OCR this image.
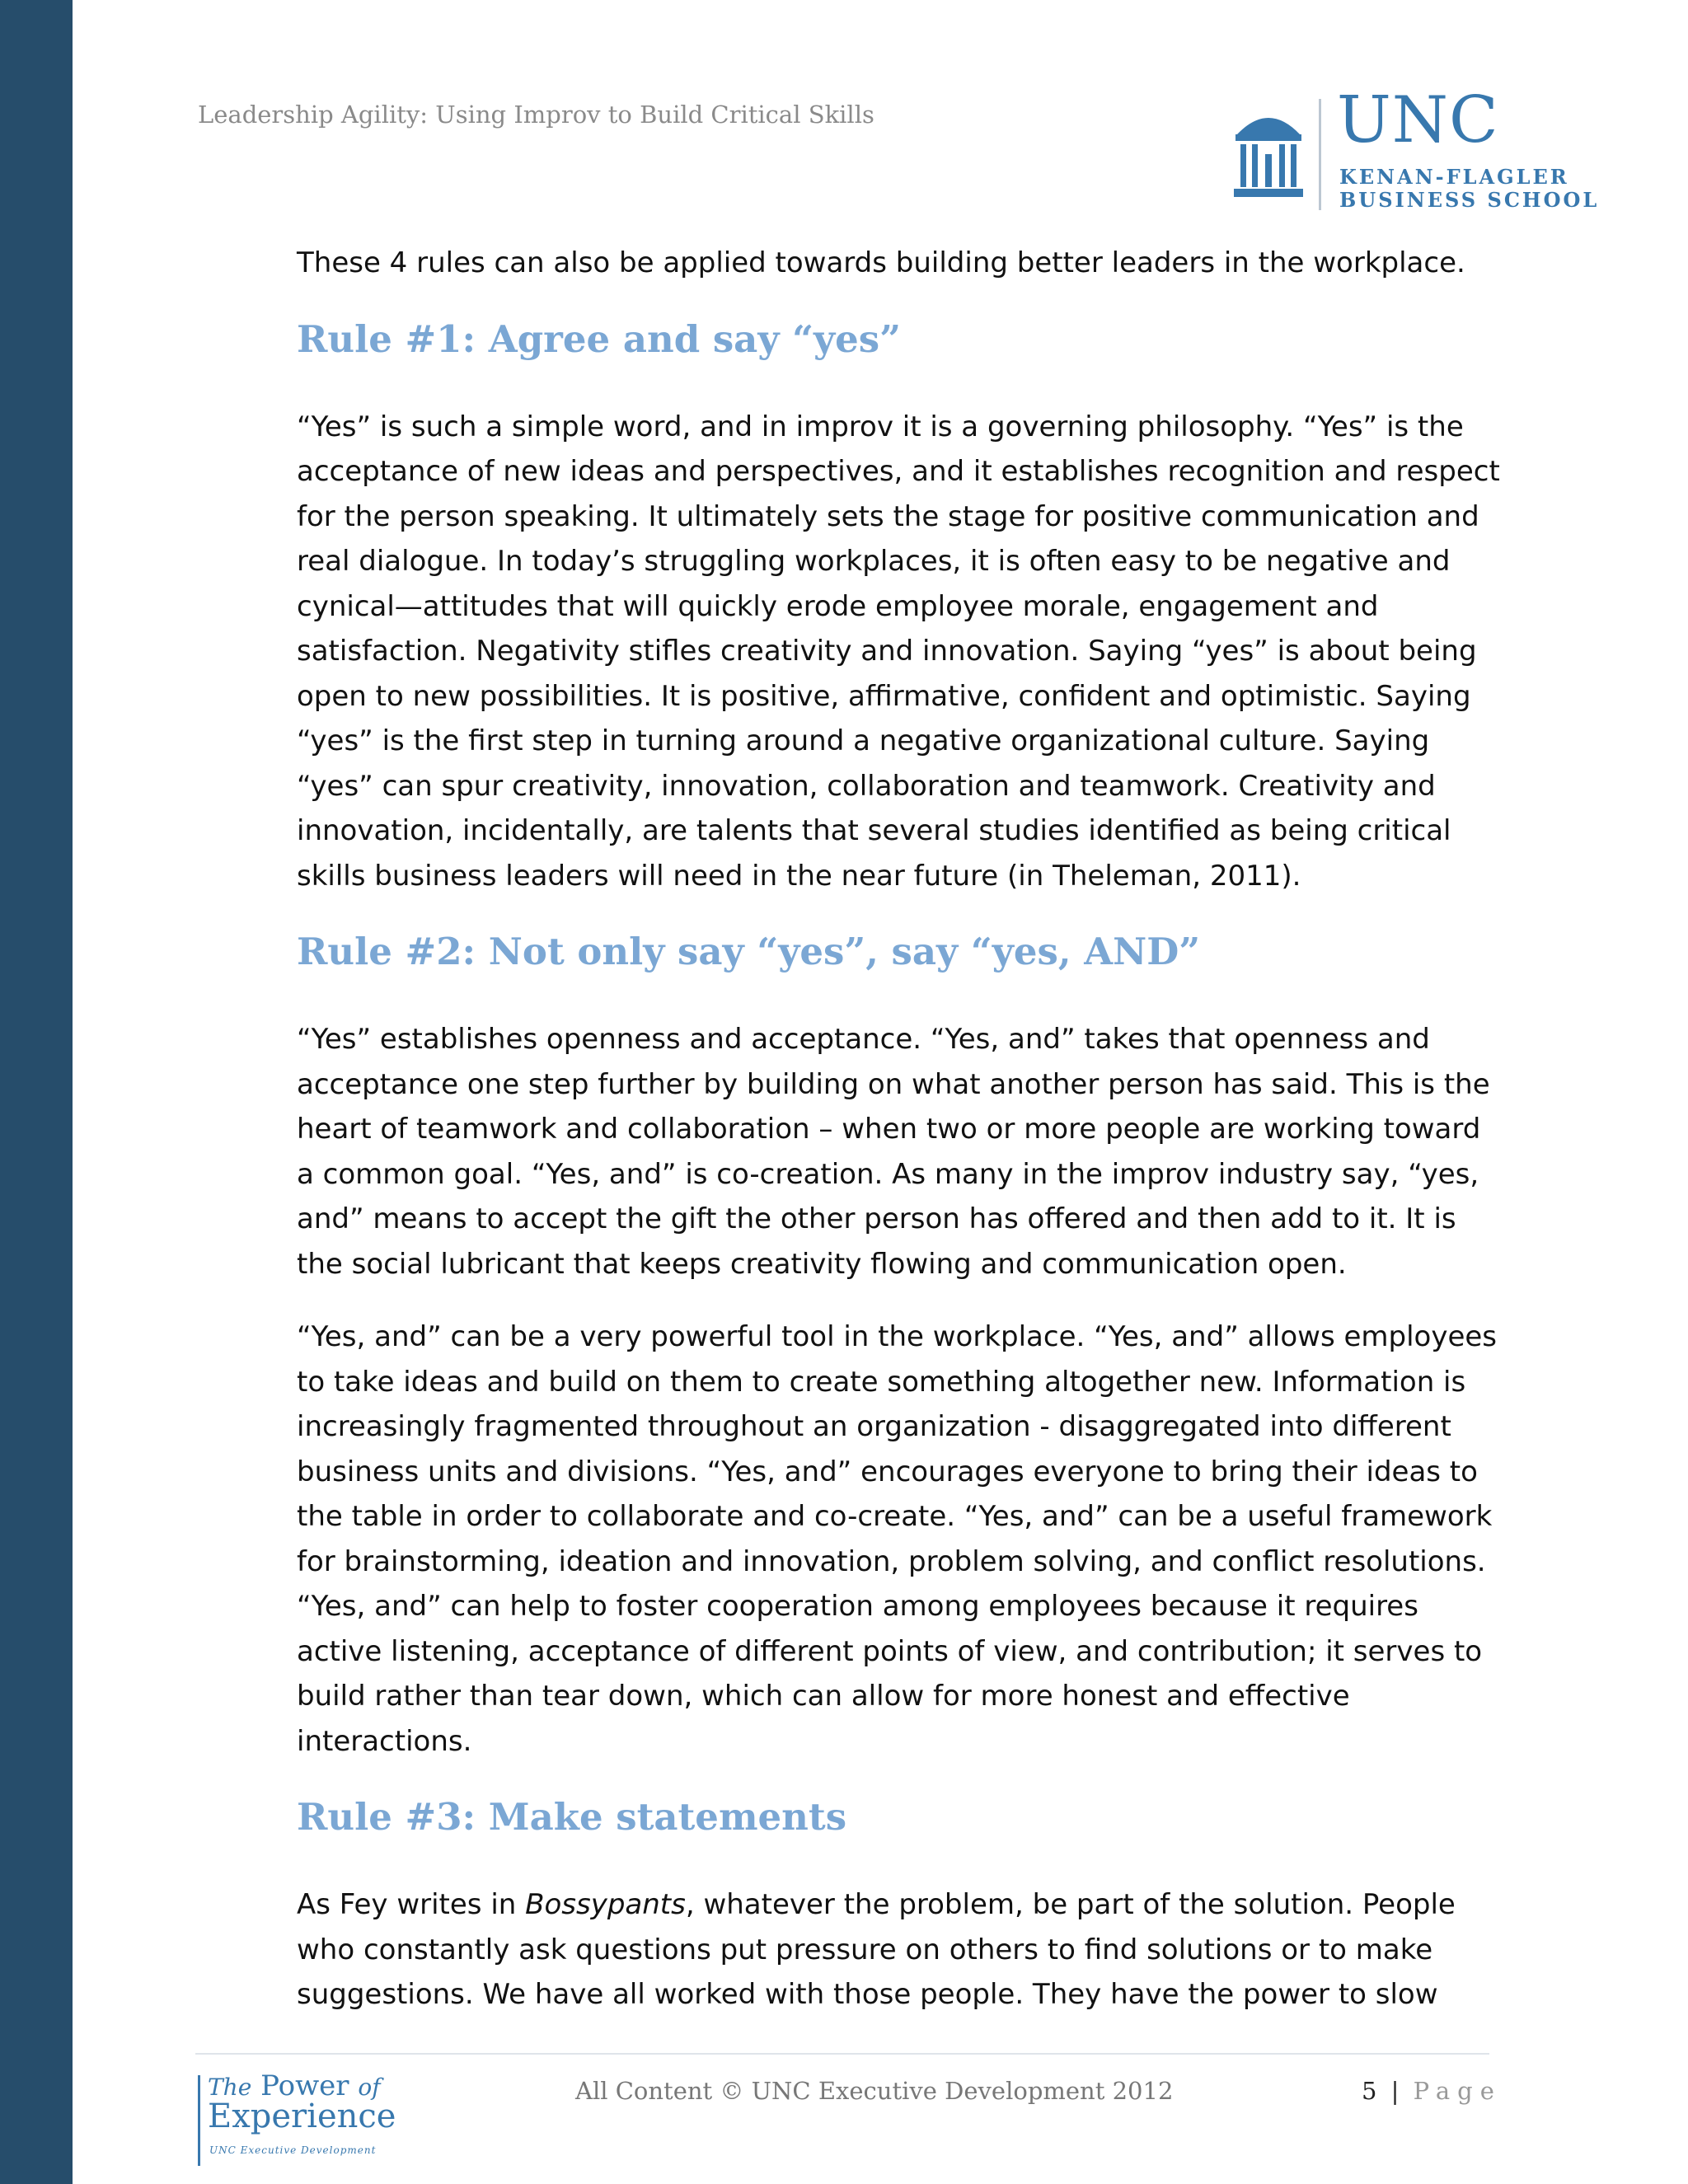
Leadership Agility: Using Improv to Build Critical Skills	UNC
KENAN-FLAGLER
BUSINESS SCHOOL

These 4 rules can also be applied towards building better leaders in the workplace.

Rule #1: Agree and say “yes”

“Yes” is such a simple word, and in improv it is a governing philosophy. “Yes” is the acceptance of new ideas and perspectives, and it establishes recognition and respect for the person speaking. It ultimately sets the stage for positive communication and real dialogue. In today’s struggling workplaces, it is often easy to be negative and cynical—attitudes that will quickly erode employee morale, engagement and satisfaction. Negativity stifles creativity and innovation. Saying “yes” is about being open to new possibilities. It is positive, affirmative, confident and optimistic. Saying “yes” is the first step in turning around a negative organizational culture. Saying “yes” can spur creativity, innovation, collaboration and teamwork. Creativity and innovation, incidentally, are talents that several studies identified as being critical skills business leaders will need in the near future (in Theleman, 2011).

Rule #2: Not only say “yes”, say “yes, AND”

“Yes” establishes openness and acceptance. “Yes, and” takes that openness and acceptance one step further by building on what another person has said. This is the heart of teamwork and collaboration – when two or more people are working toward a common goal. “Yes, and” is co-creation. As many in the improv industry say, “yes, and” means to accept the gift the other person has offered and then add to it. It is the social lubricant that keeps creativity flowing and communication open.

“Yes, and” can be a very powerful tool in the workplace. “Yes, and” allows employees to take ideas and build on them to create something altogether new. Information is increasingly fragmented throughout an organization - disaggregated into different business units and divisions. “Yes, and” encourages everyone to bring their ideas to the table in order to collaborate and co-create. “Yes, and” can be a useful framework for brainstorming, ideation and innovation, problem solving, and conflict resolutions. “Yes, and” can help to foster cooperation among employees because it requires active listening, acceptance of different points of view, and contribution; it serves to build rather than tear down, which can allow for more honest and effective interactions.

Rule #3: Make statements

As Fey writes in Bossypants, whatever the problem, be part of the solution. People who constantly ask questions put pressure on others to find solutions or to make suggestions. We have all worked with those people. They have the power to slow

The Power of
Experience
UNC Executive Development
All Content © UNC Executive Development 2012	5 | Page
